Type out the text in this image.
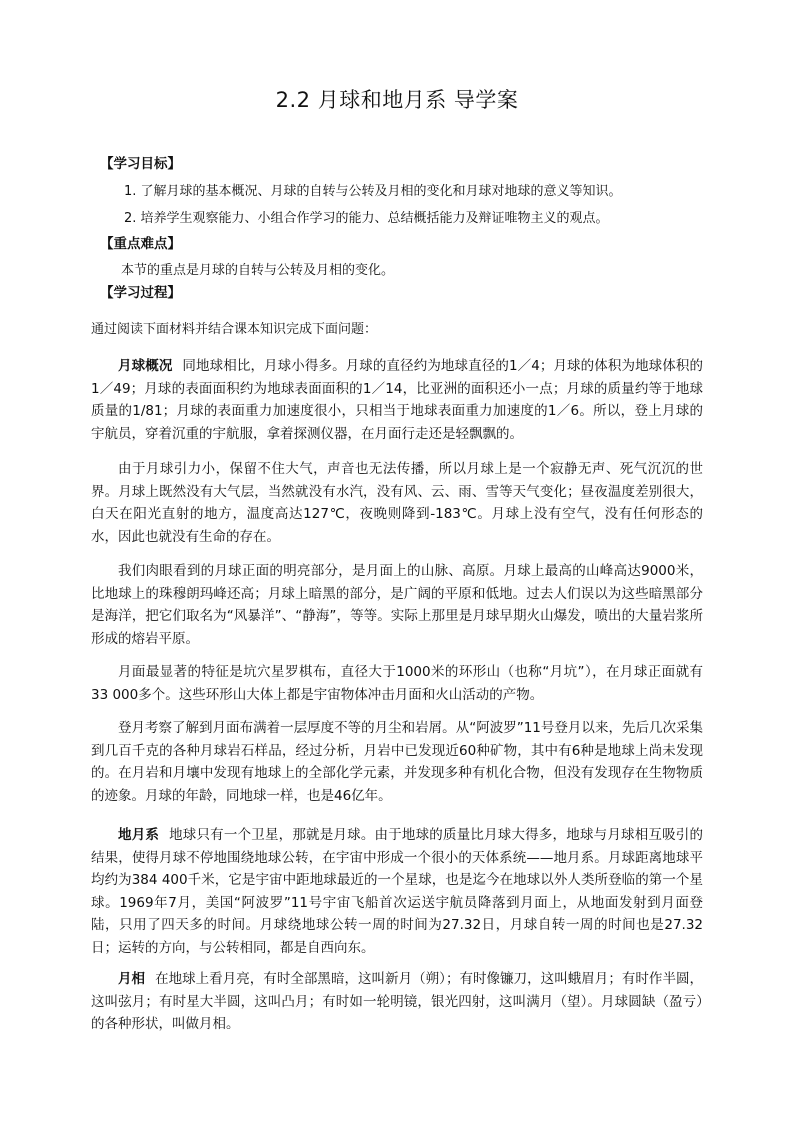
2.2 月球和地月系 导学案
【学习目标】
1. 了解月球的基本概况、月球的自转与公转及月相的变化和月球对地球的意义等知识。
2. 培养学生观察能力、小组合作学习的能力、总结概括能力及辩证唯物主义的观点。
【重点难点】
本节的重点是月球的自转与公转及月相的变化。
【学习过程】
通过阅读下面材料并结合课本知识完成下面问题：

月球概况 同地球相比，月球小得多。月球的直径约为地球直径的1／4；月球的体积为地球体积的1／49；月球的表面面积约为地球表面面积的1／14，比亚洲的面积还小一点；月球的质量约等于地球质量的1/81；月球的表面重力加速度很小，只相当于地球表面重力加速度的1／6。所以，登上月球的宇航员，穿着沉重的宇航服，拿着探测仪器，在月面行走还是轻飘飘的。

由于月球引力小，保留不住大气，声音也无法传播，所以月球上是一个寂静无声、死气沉沉的世界。月球上既然没有大气层，当然就没有水汽，没有风、云、雨、雪等天气变化；昼夜温度差别很大，白天在阳光直射的地方，温度高达127℃，夜晚则降到-183℃。月球上没有空气，没有任何形态的水，因此也就没有生命的存在。

我们肉眼看到的月球正面的明亮部分，是月面上的山脉、高原。月球上最高的山峰高达9000米，比地球上的珠穆朗玛峰还高；月球上暗黑的部分，是广阔的平原和低地。过去人们误以为这些暗黑部分是海洋，把它们取名为“风暴洋”、“静海”，等等。实际上那里是月球早期火山爆发，喷出的大量岩浆所形成的熔岩平原。

月面最显著的特征是坑穴星罗棋布，直径大于1000米的环形山（也称“月坑”），在月球正面就有33 000多个。这些环形山大体上都是宇宙物体冲击月面和火山活动的产物。

登月考察了解到月面布满着一层厚度不等的月尘和岩屑。从“阿波罗”11号登月以来，先后几次采集到几百千克的各种月球岩石样品，经过分析，月岩中已发现近60种矿物，其中有6种是地球上尚未发现的。在月岩和月壤中发现有地球上的全部化学元素，并发现多种有机化合物，但没有发现存在生物物质的迹象。月球的年龄，同地球一样，也是46亿年。

地月系 地球只有一个卫星，那就是月球。由于地球的质量比月球大得多，地球与月球相互吸引的结果，使得月球不停地围绕地球公转，在宇宙中形成一个很小的天体系统——地月系。月球距离地球平均约为384 400千米，它是宇宙中距地球最近的一个星球，也是迄今在地球以外人类所登临的第一个星球。1969年7月，美国“阿波罗”11号宇宙飞船首次运送宇航员降落到月面上，从地面发射到月面登陆，只用了四天多的时间。月球绕地球公转一周的时间为27.32日，月球自转一周的时间也是27.32日；运转的方向，与公转相同，都是自西向东。

月相 在地球上看月亮，有时全部黑暗，这叫新月（朔）；有时像镰刀，这叫蛾眉月；有时作半圆，这叫弦月；有时星大半圆，这叫凸月；有时如一轮明镜，银光四射，这叫满月（望）。月球圆缺（盈亏）的各种形状，叫做月相。
